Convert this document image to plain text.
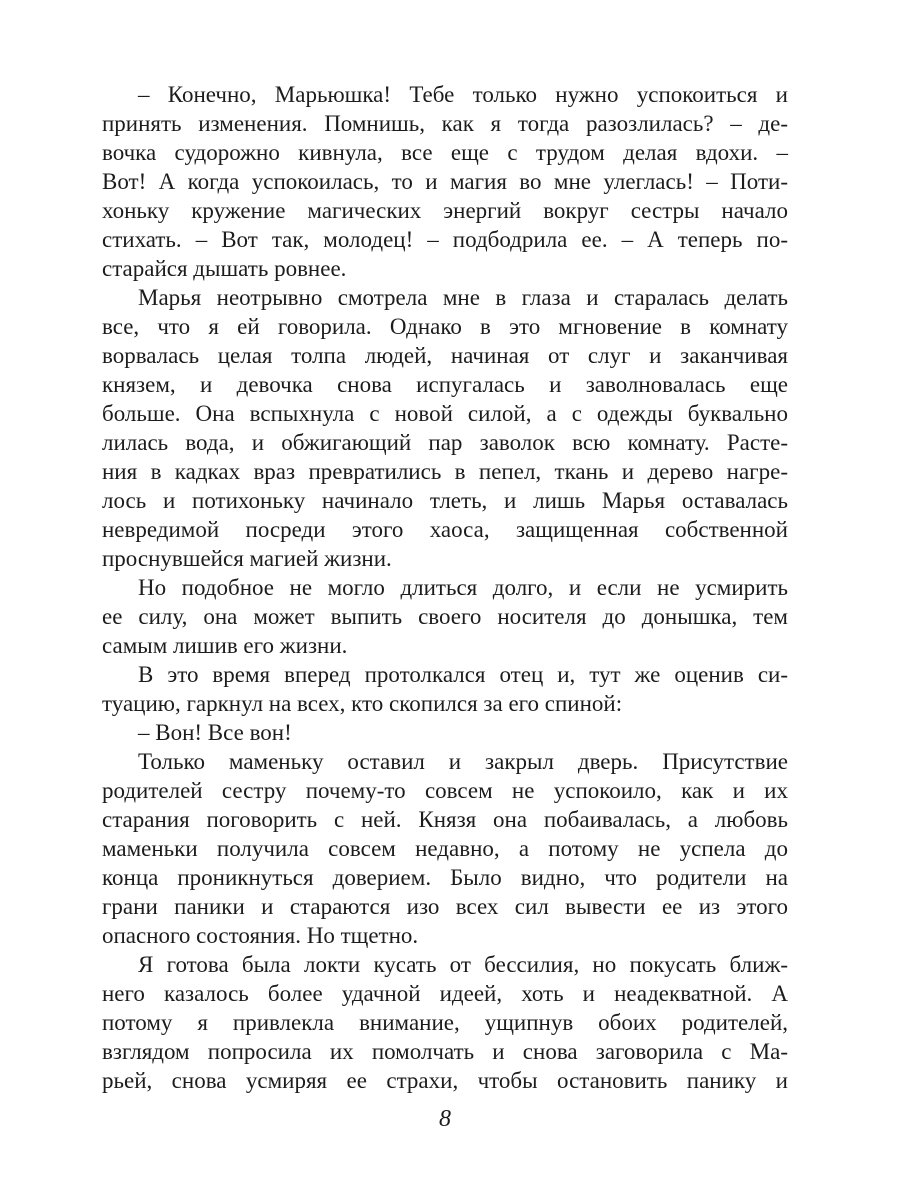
– Конечно, Марьюшка! Тебе только нужно успокоиться и
принять изменения. Помнишь, как я тогда разозлилась? – де-
вочка судорожно кивнула, все еще с трудом делая вдохи. –
Вот! А когда успокоилась, то и магия во мне улеглась! – Поти-
хоньку кружение магических энергий вокруг сестры начало
стихать. – Вот так, молодец! – подбодрила ее. – А теперь по-
старайся дышать ровнее.
Марья неотрывно смотрела мне в глаза и старалась делать
все, что я ей говорила. Однако в это мгновение в комнату
ворвалась целая толпа людей, начиная от слуг и заканчивая
князем, и девочка снова испугалась и заволновалась еще
больше. Она вспыхнула с новой силой, а с одежды буквально
лилась вода, и обжигающий пар заволок всю комнату. Расте-
ния в кадках враз превратились в пепел, ткань и дерево нагре-
лось и потихоньку начинало тлеть, и лишь Марья оставалась
невредимой посреди этого хаоса, защищенная собственной
проснувшейся магией жизни.
Но подобное не могло длиться долго, и если не усмирить
ее силу, она может выпить своего носителя до донышка, тем
самым лишив его жизни.
В это время вперед протолкался отец и, тут же оценив си-
туацию, гаркнул на всех, кто скопился за его спиной:
– Вон! Все вон!
Только маменьку оставил и закрыл дверь. Присутствие
родителей сестру почему-то совсем не успокоило, как и их
старания поговорить с ней. Князя она побаивалась, а любовь
маменьки получила совсем недавно, а потому не успела до
конца проникнуться доверием. Было видно, что родители на
грани паники и стараются изо всех сил вывести ее из этого
опасного состояния. Но тщетно.
Я готова была локти кусать от бессилия, но покусать ближ-
него казалось более удачной идеей, хоть и неадекватной. А
потому я привлекла внимание, ущипнув обоих родителей,
взглядом попросила их помолчать и снова заговорила с Ма-
рьей, снова усмиряя ее страхи, чтобы остановить панику и
8
